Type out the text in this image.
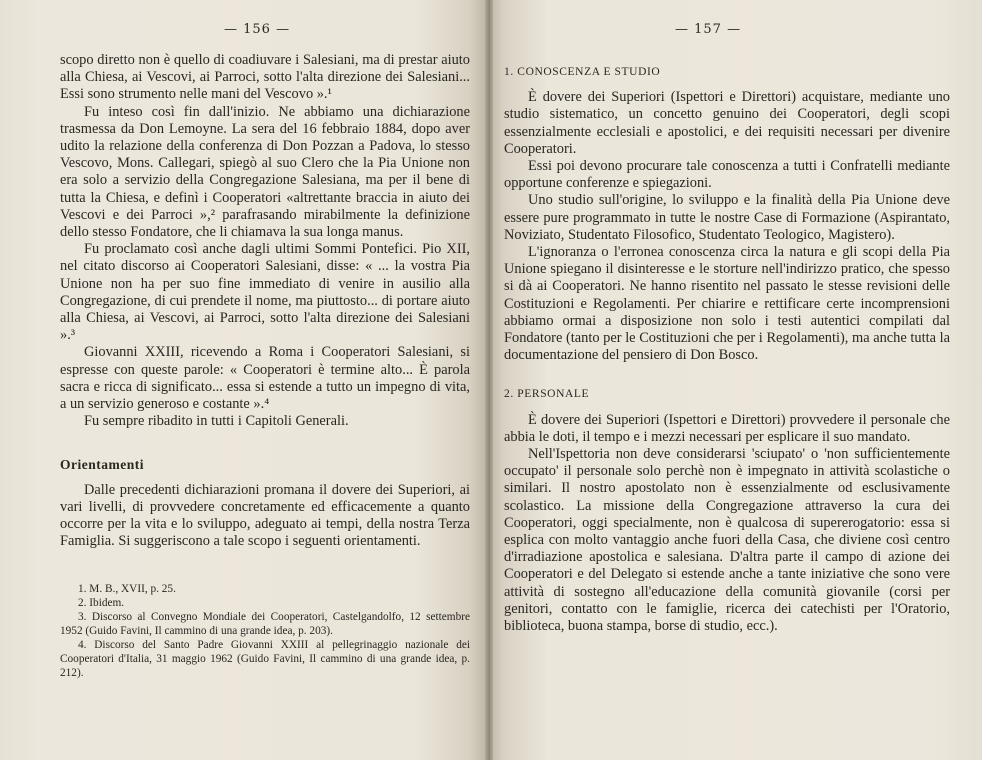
— 156 —

scopo diretto non è quello di coadiuvare i Salesiani, ma di prestar aiuto alla Chiesa, ai Vescovi, ai Parroci, sotto l'alta direzione dei Salesiani... Essi sono strumento nelle mani del Vescovo ».¹

Fu inteso così fin dall'inizio. Ne abbiamo una dichiarazione trasmessa da Don Lemoyne. La sera del 16 febbraio 1884, dopo aver udito la relazione della conferenza di Don Pozzan a Padova, lo stesso Vescovo, Mons. Callegari, spiegò al suo Clero che la Pia Unione non era solo a servizio della Congregazione Salesiana, ma per il bene di tutta la Chiesa, e definì i Cooperatori «altrettante braccia in aiuto dei Vescovi e dei Parroci »,² parafrasando mirabilmente la definizione dello stesso Fondatore, che li chiamava la sua longa manus.

Fu proclamato così anche dagli ultimi Sommi Pontefici. Pio XII, nel citato discorso ai Cooperatori Salesiani, disse: « ... la vostra Pia Unione non ha per suo fine immediato di venire in ausilio alla Congregazione, di cui prendete il nome, ma piuttosto... di portare aiuto alla Chiesa, ai Vescovi, ai Parroci, sotto l'alta direzione dei Salesiani ».³

Giovanni XXIII, ricevendo a Roma i Cooperatori Salesiani, si espresse con queste parole: « Cooperatori è termine alto... È parola sacra e ricca di significato... essa si estende a tutto un impegno di vita, a un servizio generoso e costante ».⁴

Fu sempre ribadito in tutti i Capitoli Generali.

Orientamenti

Dalle precedenti dichiarazioni promana il dovere dei Superiori, ai vari livelli, di provvedere concretamente ed efficacemente a quanto occorre per la vita e lo sviluppo, adeguato ai tempi, della nostra Terza Famiglia. Si suggeriscono a tale scopo i seguenti orientamenti.

1. M. B., XVII, p. 25.

2. Ibidem.

3. Discorso al Convegno Mondiale dei Cooperatori, Castelgandolfo, 12 settembre 1952 (Guido Favini, Il cammino di una grande idea, p. 203).

4. Discorso del Santo Padre Giovanni XXIII al pellegrinaggio nazionale dei Cooperatori d'Italia, 31 maggio 1962 (Guido Favini, Il cammino di una grande idea, p. 212).

— 157 —
1. CONOSCENZA E STUDIO

È dovere dei Superiori (Ispettori e Direttori) acquistare, mediante uno studio sistematico, un concetto genuino dei Cooperatori, degli scopi essenzialmente ecclesiali e apostolici, e dei requisiti necessari per divenire Cooperatori.

Essi poi devono procurare tale conoscenza a tutti i Confratelli mediante opportune conferenze e spiegazioni.

Uno studio sull'origine, lo sviluppo e la finalità della Pia Unione deve essere pure programmato in tutte le nostre Case di Formazione (Aspirantato, Noviziato, Studentato Filosofico, Studentato Teologico, Magistero).

L'ignoranza o l'erronea conoscenza circa la natura e gli scopi della Pia Unione spiegano il disinteresse e le storture nell'indirizzo pratico, che spesso si dà ai Cooperatori. Ne hanno risentito nel passato le stesse revisioni delle Costituzioni e Regolamenti. Per chiarire e rettificare certe incomprensioni abbiamo ormai a disposizione non solo i testi autentici compilati dal Fondatore (tanto per le Costituzioni che per i Regolamenti), ma anche tutta la documentazione del pensiero di Don Bosco.

2. PERSONALE

È dovere dei Superiori (Ispettori e Direttori) provvedere il personale che abbia le doti, il tempo e i mezzi necessari per esplicare il suo mandato.

Nell'Ispettoria non deve considerarsi 'sciupato' o 'non sufficientemente occupato' il personale solo perchè non è impegnato in attività scolastiche o similari. Il nostro apostolato non è essenzialmente od esclusivamente scolastico. La missione della Congregazione attraverso la cura dei Cooperatori, oggi specialmente, non è qualcosa di supererogatorio: essa si esplica con molto vantaggio anche fuori della Casa, che diviene così centro d'irradiazione apostolica e salesiana. D'altra parte il campo di azione dei Cooperatori e del Delegato si estende anche a tante iniziative che sono vere attività di sostegno all'educazione della comunità giovanile (corsi per genitori, contatto con le famiglie, ricerca dei catechisti per l'Oratorio, biblioteca, buona stampa, borse di studio, ecc.).
